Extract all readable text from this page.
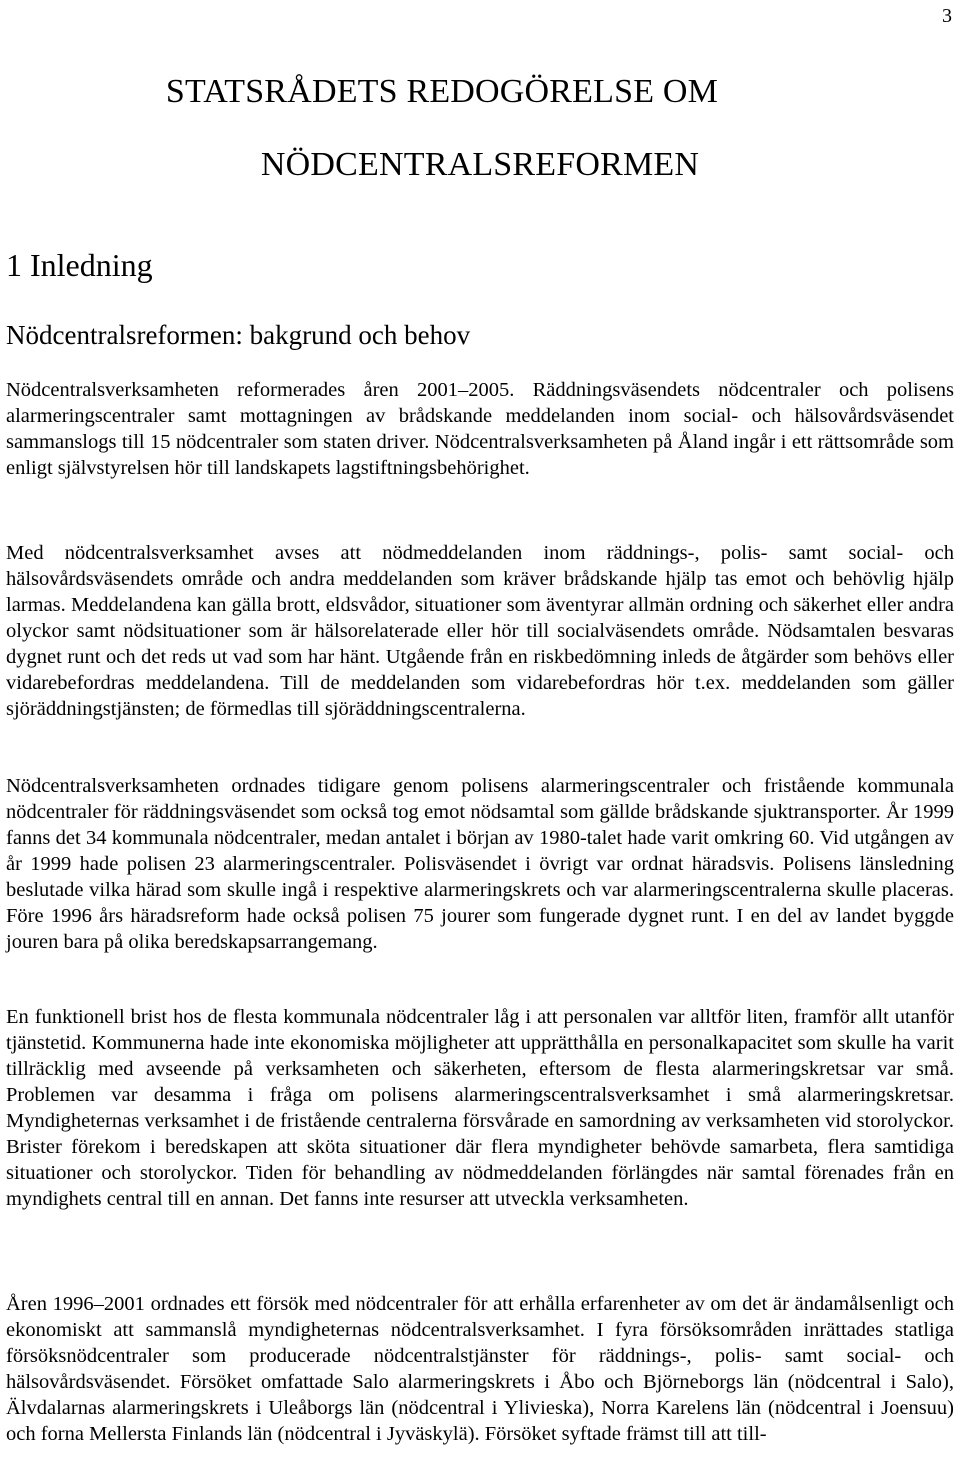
3
STATSRÅDETS REDOGÖRELSE OM
NÖDCENTRALSREFORMEN
1 Inledning
Nödcentralsreformen: bakgrund och behov
Nödcentralsverksamheten reformerades åren 2001–2005. Räddningsväsendets nödcentraler och polisens alarmeringscentraler samt mottagningen av brådskande meddelanden inom social- och hälsovårdsväsendet sammanslogs till 15 nödcentraler som staten driver. Nödcentralsverksamheten på Åland ingår i ett rättsområde som enligt självstyrelsen hör till landskapets lagstiftningsbehörighet.
Med nödcentralsverksamhet avses att nödmeddelanden inom räddnings-, polis- samt social- och hälsovårdsväsendets område och andra meddelanden som kräver brådskande hjälp tas emot och behövlig hjälp larmas. Meddelandena kan gälla brott, eldsvådor, situationer som äventyrar allmän ordning och säkerhet eller andra olyckor samt nödsituationer som är hälsorelaterade eller hör till socialväsendets område. Nödsamtalen besvaras dygnet runt och det reds ut vad som har hänt. Utgående från en riskbedömning inleds de åtgärder som behövs eller vidarebefordras meddelandena. Till de meddelanden som vidarebefordras hör t.ex. meddelanden som gäller sjöräddningstjänsten; de förmedlas till sjöräddningscentralerna.
Nödcentralsverksamheten ordnades tidigare genom polisens alarmeringscentraler och fristående kommunala nödcentraler för räddningsväsendet som också tog emot nödsamtal som gällde brådskande sjuktransporter. År 1999 fanns det 34 kommunala nödcentraler, medan antalet i början av 1980-talet hade varit omkring 60. Vid utgången av år 1999 hade polisen 23 alarmeringscentraler. Polisväsendet i övrigt var ordnat häradsvis. Polisens länsledning beslutade vilka härad som skulle ingå i respektive alarmeringskrets och var alarmeringscentralerna skulle placeras. Före 1996 års häradsreform hade också polisen 75 jourer som fungerade dygnet runt. I en del av landet byggde jouren bara på olika beredskapsarrangemang.
En funktionell brist hos de flesta kommunala nödcentraler låg i att personalen var alltför liten, framför allt utanför tjänstetid. Kommunerna hade inte ekonomiska möjligheter att upprätthålla en personalkapacitet som skulle ha varit tillräcklig med avseende på verksamheten och säkerheten, eftersom de flesta alarmeringskretsar var små. Problemen var desamma i fråga om polisens alarmeringscentralsverksamhet i små alarmeringskretsar. Myndigheternas verksamhet i de fristående centralerna försvårade en samordning av verksamheten vid storolyckor. Brister förekom i beredskapen att sköta situationer där flera myndigheter behövde samarbeta, flera samtidiga situationer och storolyckor. Tiden för behandling av nödmeddelanden förlängdes när samtal förenades från en myndighets central till en annan. Det fanns inte resurser att utveckla verksamheten.
Åren 1996–2001 ordnades ett försök med nödcentraler för att erhålla erfarenheter av om det är ändamålsenligt och ekonomiskt att sammanslå myndigheternas nödcentralsverksamhet. I fyra försöksområden inrättades statliga försöksnödcentraler som producerade nödcentralstjänster för räddnings-, polis- samt social- och hälsovårdsväsendet. Försöket omfattade Salo alarmeringskrets i Åbo och Björneborgs län (nödcentral i Salo), Älvdalarnas alarmeringskrets i Uleåborgs län (nödcentral i Ylivieska), Norra Karelens län (nödcentral i Joensuu) och forna Mellersta Finlands län (nödcentral i Jyväskylä). Försöket syftade främst till att till-
